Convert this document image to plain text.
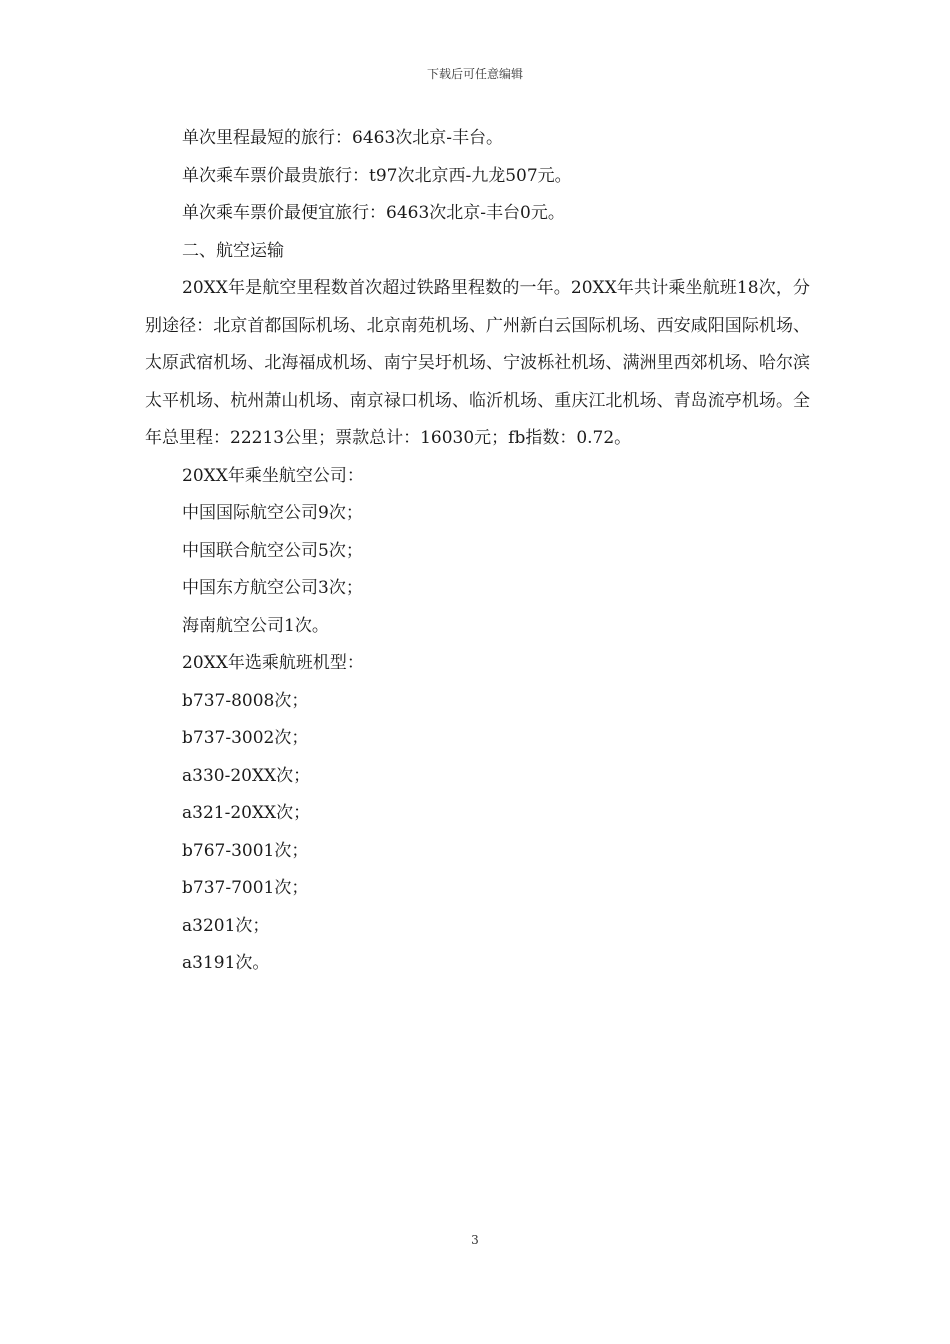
下载后可任意编辑

单次里程最短的旅行：6463次北京-丰台。

单次乘车票价最贵旅行：t97次北京西-九龙507元。

单次乘车票价最便宜旅行：6463次北京-丰台0元。

二、航空运输

20XX年是航空里程数首次超过铁路里程数的一年。20XX年共计乘坐航班18次，分别途径：北京首都国际机场、北京南苑机场、广州新白云国际机场、西安咸阳国际机场、太原武宿机场、北海福成机场、南宁吴圩机场、宁波栎社机场、满洲里西郊机场、哈尔滨太平机场、杭州萧山机场、南京禄口机场、临沂机场、重庆江北机场、青岛流亭机场。全年总里程：22213公里；票款总计：16030元；fb指数：0.72。

20XX年乘坐航空公司：

中国国际航空公司9次；

中国联合航空公司5次；

中国东方航空公司3次；

海南航空公司1次。

20XX年选乘航班机型：

b737-8008次；

b737-3002次；

a330-20XX次；

a321-20XX次；

b767-3001次；

b737-7001次；

a3201次；

a3191次。

3
